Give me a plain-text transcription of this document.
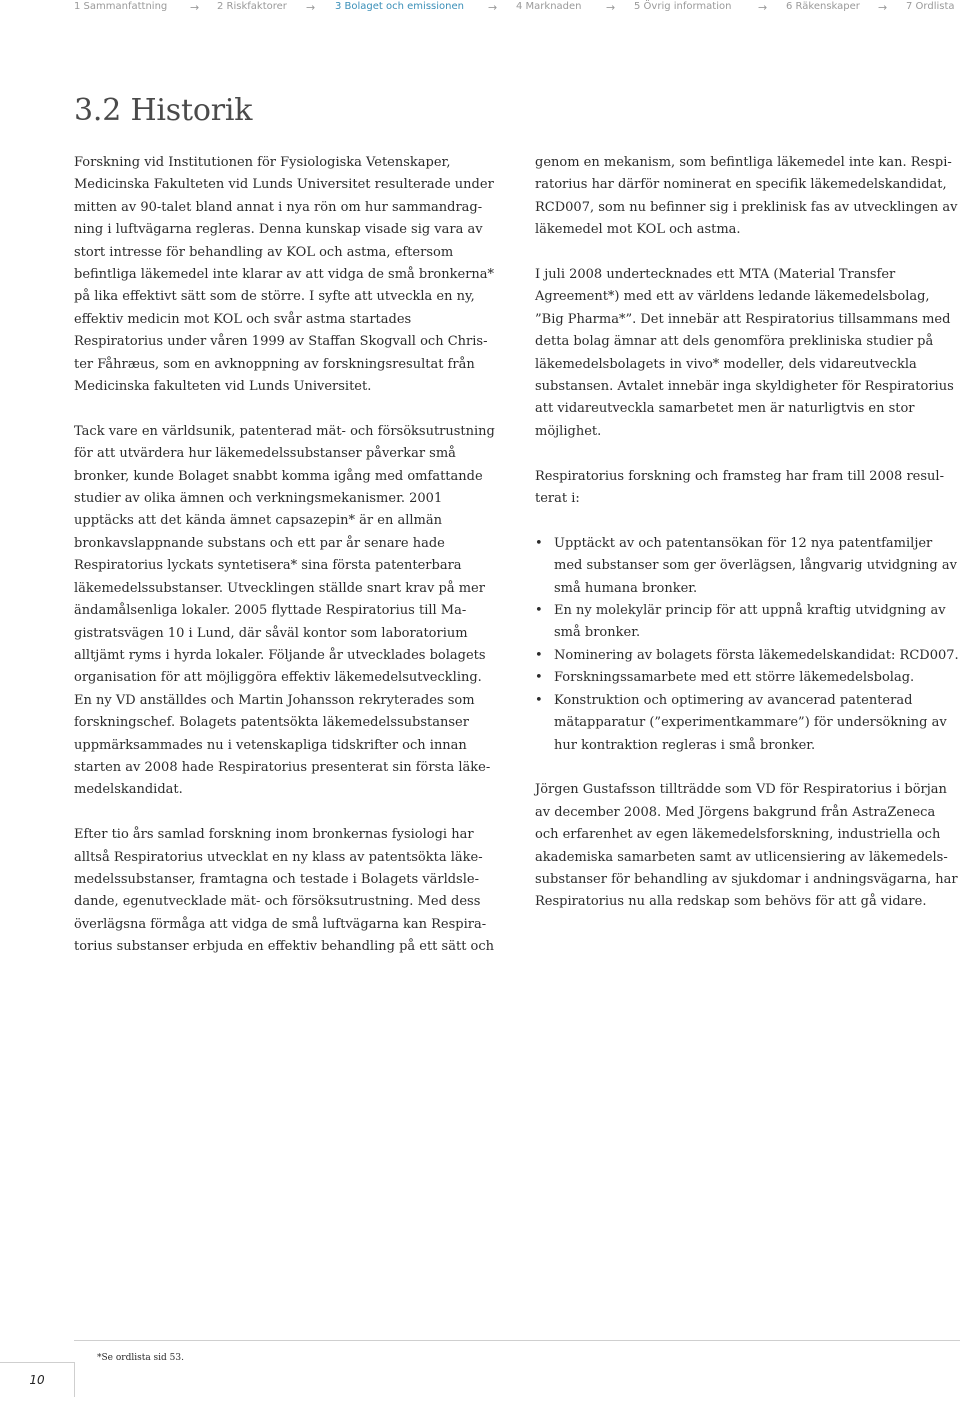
1 Sammanfattning → 2 Riskfaktorer → 3 Bolaget och emissionen → 4 Marknaden → 5 Övrig information → 6 Räkenskaper → 7 Ordlista
3.2 Historik

Forskning vid Institutionen för Fysiologiska Vetenskaper, Medicinska Fakulteten vid Lunds Universitet resulterade under mitten av 90-talet bland annat i nya rön om hur sammandragning i luftvägarna regleras. Denna kunskap visade sig vara av stort intresse för behandling av KOL och astma, eftersom befintliga läkemedel inte klarar av att vidga de små bronkerna* på lika effektivt sätt som de större. I syfte att utveckla en ny, effektiv medicin mot KOL och svår astma startades Respiratorius under våren 1999 av Staffan Skogvall och Christer Fåhræus, som en avknoppning av forskningsresultat från Medicinska fakulteten vid Lunds Universitet.

Tack vare en världsunik, patenterad mät- och försöksutrustning för att utvärdera hur läkemedelssubstanser påverkar små bronker, kunde Bolaget snabbt komma igång med omfattande studier av olika ämnen och verkningsmekanismer. 2001 upptäcks att det kända ämnet capsazepin* är en allmän bronkavslappnande substans och ett par år senare hade Respiratorius lyckats syntetisera* sina första patenterbara läkemedelssubstanser. Utvecklingen ställde snart krav på mer ändamålsenliga lokaler. 2005 flyttade Respiratorius till Magistratsvägen 10 i Lund, där såväl kontor som laboratorium alltjämt ryms i hyrda lokaler. Följande år utvecklades bolagets organisation för att möjliggöra effektiv läkemedelsutveckling. En ny VD anställdes och Martin Johansson rekryterades som forskningschef. Bolagets patentsökta läkemedelssubstanser uppmärksammades nu i vetenskapliga tidskrifter och innan starten av 2008 hade Respiratorius presenterat sin första läkemedelskandidat.

Efter tio års samlad forskning inom bronkernas fysiologi har alltså Respiratorius utvecklat en ny klass av patentsökta läkemedelssubstanser, framtagna och testade i Bolagets världsledande, egenutvecklade mät- och försöksutrustning. Med dess överlägsna förmåga att vidga de små luftvägarna kan Respiratorius substanser erbjuda en effektiv behandling på ett sätt och

genom en mekanism, som befintliga läkemedel inte kan. Respiratorius har därför nominerat en specifik läkemedelskandidat, RCD007, som nu befinner sig i preklinisk fas av utvecklingen av läkemedel mot KOL och astma.

I juli 2008 undertecknades ett MTA (Material Transfer Agreement*) med ett av världens ledande läkemedelsbolag, ”Big Pharma*”. Det innebär att Respiratorius tillsammans med detta bolag ämnar att dels genomföra prekliniska studier på läkemedelsbolagets in vivo* modeller, dels vidareutveckla substansen. Avtalet innebär inga skyldigheter för Respiratorius att vidareutveckla samarbetet men är naturligtvis en stor möjlighet.

Respiratorius forskning och framsteg har fram till 2008 resulterat i:

• Upptäckt av och patentansökan för 12 nya patentfamiljer med substanser som ger överlägsen, långvarig utvidgning av små humana bronker.
• En ny molekylär princip för att uppnå kraftig utvidgning av små bronker.
• Nominering av bolagets första läkemedelskandidat: RCD007.
• Forskningssamarbete med ett större läkemedelsbolag.
• Konstruktion och optimering av avancerad patenterad mätapparatur (”experimentkammare”) för undersökning av hur kontraktion regleras i små bronker.

Jörgen Gustafsson tillträdde som VD för Respiratorius i början av december 2008. Med Jörgens bakgrund från AstraZeneca och erfarenhet av egen läkemedelsforskning, industriella och akademiska samarbeten samt av utlicensiering av läkemedelssubstanser för behandling av sjukdomar i andningsvägarna, har Respiratorius nu alla redskap som behövs för att gå vidare.

*Se ordlista sid 53.
10
